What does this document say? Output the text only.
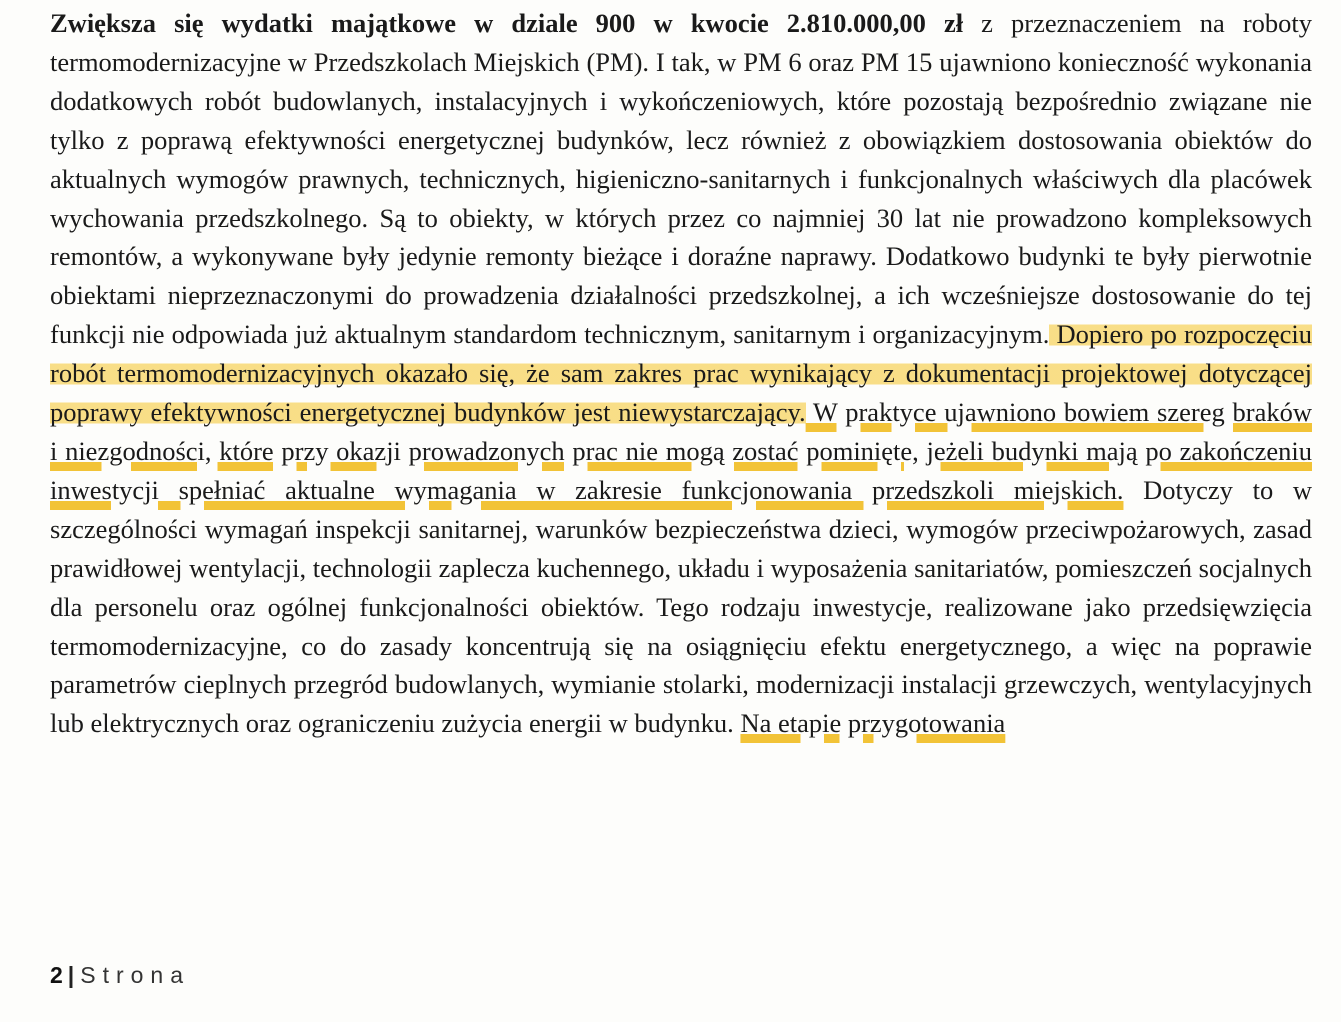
Zwiększa się wydatki majątkowe w dziale 900 w kwocie 2.810.000,00 zł z przeznaczeniem na roboty termomodernizacyjne w Przedszkolach Miejskich (PM). I tak, w PM 6 oraz PM 15 ujawniono konieczność wykonania dodatkowych robót budowlanych, instalacyjnych i wykończeniowych, które pozostają bezpośrednio związane nie tylko z poprawą efektywności energetycznej budynków, lecz również z obowiązkiem dostosowania obiektów do aktualnych wymogów prawnych, technicznych, higieniczno-sanitarnych i funkcjonalnych właściwych dla placówek wychowania przedszkolnego. Są to obiekty, w których przez co najmniej 30 lat nie prowadzono kompleksowych remontów, a wykonywane były jedynie remonty bieżące i doraźne naprawy. Dodatkowo budynki te były pierwotnie obiektami nieprzeznaczonymi do prowadzenia działalności przedszkolnej, a ich wcześniejsze dostosowanie do tej funkcji nie odpowiada już aktualnym standardom technicznym, sanitarnym i organizacyjnym. Dopiero po rozpoczęciu robót termomodernizacyjnych okazało się, że sam zakres prac wynikający z dokumentacji projektowej dotyczącej poprawy efektywności energetycznej budynków jest niewystarczający. W praktyce ujawniono bowiem szereg braków i niezgodności, które przy okazji prowadzonych prac nie mogą zostać pominięte, jeżeli budynki mają po zakończeniu inwestycji spełniać aktualne wymagania w zakresie funkcjonowania przedszkoli miejskich. Dotyczy to w szczególności wymagań inspekcji sanitarnej, warunków bezpieczeństwa dzieci, wymogów przeciwpożarowych, zasad prawidłowej wentylacji, technologii zaplecza kuchennego, układu i wyposażenia sanitariatów, pomieszczeń socjalnych dla personelu oraz ogólnej funkcjonalności obiektów. Tego rodzaju inwestycje, realizowane jako przedsięwzięcia termomodernizacyjne, co do zasady koncentrują się na osiągnięciu efektu energetycznego, a więc na poprawie parametrów cieplnych przegród budowlanych, wymianie stolarki, modernizacji instalacji grzewczych, wentylacyjnych lub elektrycznych oraz ograniczeniu zużycia energii w budynku. Na etapie przygotowania

2 | Strona
